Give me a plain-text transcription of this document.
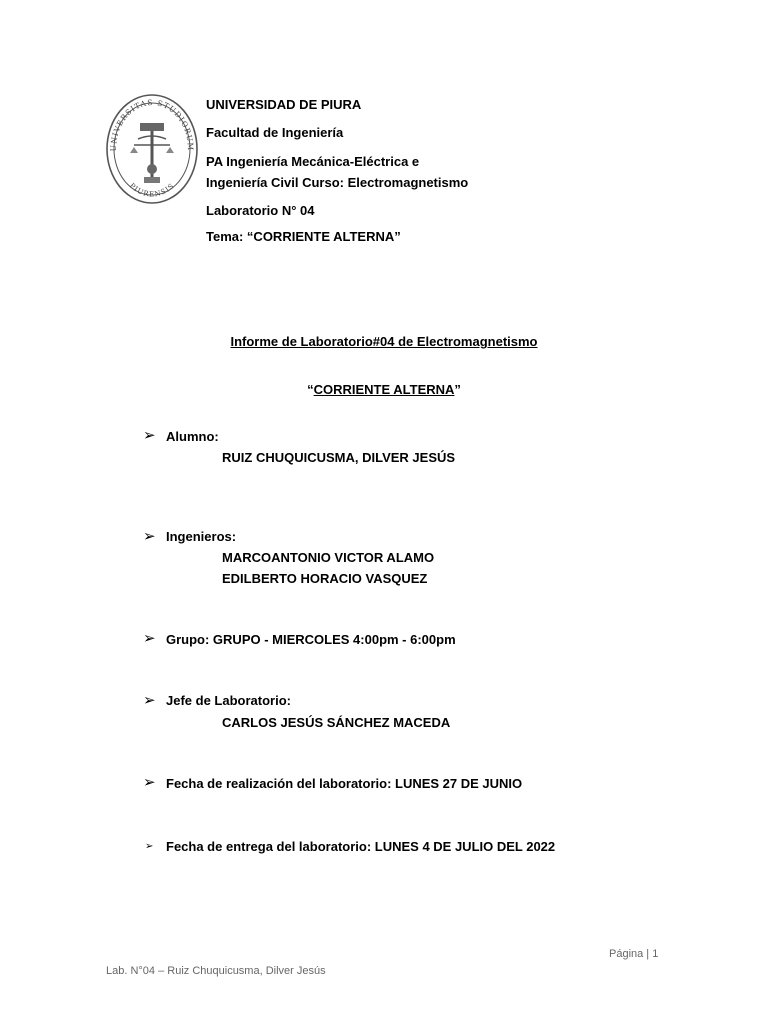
UNIVERSITAS STUDIORUM
PIURENSIS
UNIVERSIDAD DE PIURA
Facultad de Ingeniería
PA Ingeniería Mecánica-Eléctrica e
Ingeniería Civil Curso: Electromagnetismo
Laboratorio N° 04
Tema: “CORRIENTE ALTERNA”
Informe de Laboratorio#04 de Electromagnetismo
“CORRIENTE ALTERNA”
➢ Alumno:
RUIZ CHUQUICUSMA, DILVER JESÚS
➢ Ingenieros:
MARCOANTONIO VICTOR ALAMO
EDILBERTO HORACIO VASQUEZ
➢ Grupo: GRUPO - MIERCOLES 4:00pm - 6:00pm
➢ Jefe de Laboratorio:
CARLOS JESÚS SÁNCHEZ MACEDA
➢ Fecha de realización del laboratorio: LUNES 27 DE JUNIO
➢ Fecha de entrega del laboratorio: LUNES 4 DE JULIO DEL 2022
Página | 1
Lab. N°04 – Ruiz Chuquicusma, Dilver Jesús
